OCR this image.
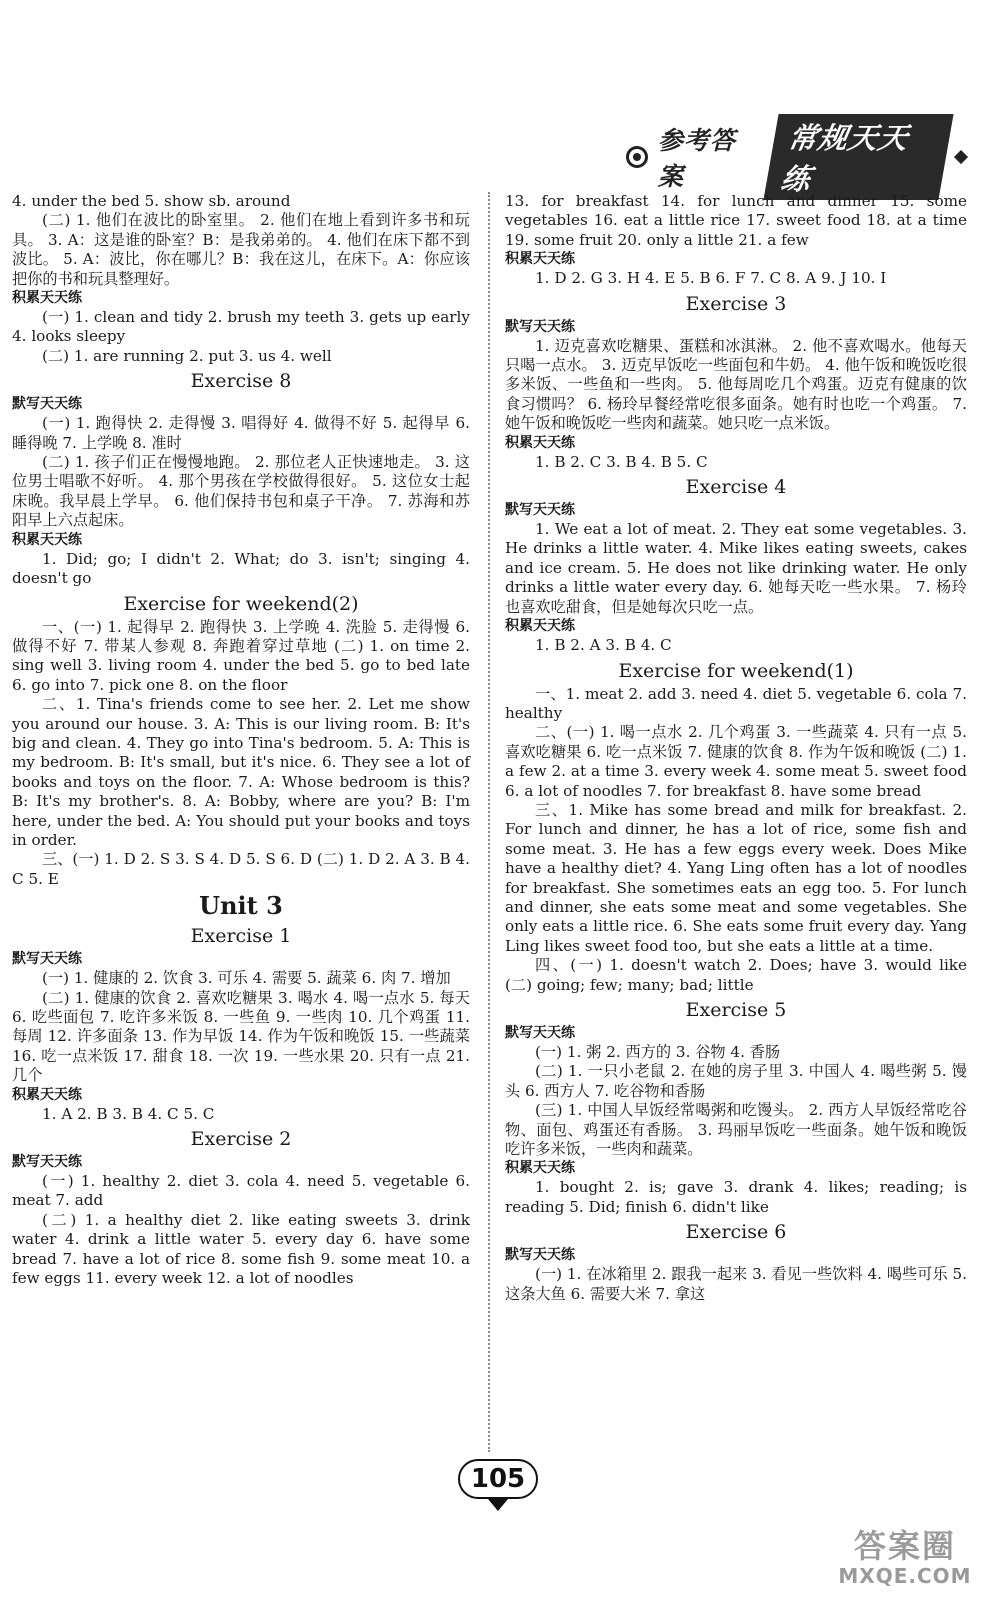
参考答案
常规天天练

4. under the bed 5. show sb. around

(二) 1. 他们在波比的卧室里。 2. 他们在地上看到许多书和玩具。 3. A：这是谁的卧室？B：是我弟弟的。 4. 他们在床下都不到波比。 5. A：波比，你在哪儿？B：我在这儿，在床下。A：你应该把你的书和玩具整理好。

积累天天练

(一) 1. clean and tidy 2. brush my teeth 3. gets up early 4. looks sleepy

(二) 1. are running 2. put 3. us 4. well

Exercise 8

默写天天练

(一) 1. 跑得快 2. 走得慢 3. 唱得好 4. 做得不好 5. 起得早 6. 睡得晚 7. 上学晚 8. 准时

(二) 1. 孩子们正在慢慢地跑。 2. 那位老人正快速地走。 3. 这位男士唱歌不好听。 4. 那个男孩在学校做得很好。 5. 这位女士起床晚。我早晨上学早。 6. 他们保持书包和桌子干净。 7. 苏海和苏阳早上六点起床。

积累天天练

1. Did; go; I didn't 2. What; do 3. isn't; singing 4. doesn't go

Exercise for weekend(2)

一、(一) 1. 起得早 2. 跑得快 3. 上学晚 4. 洗脸 5. 走得慢 6. 做得不好 7. 带某人参观 8. 奔跑着穿过草地 (二) 1. on time 2. sing well 3. living room 4. under the bed 5. go to bed late 6. go into 7. pick one 8. on the floor

二、1. Tina's friends come to see her. 2. Let me show you around our house. 3. A: This is our living room. B: It's big and clean. 4. They go into Tina's bedroom. 5. A: This is my bedroom. B: It's small, but it's nice. 6. They see a lot of books and toys on the floor. 7. A: Whose bedroom is this? B: It's my brother's. 8. A: Bobby, where are you? B: I'm here, under the bed. A: You should put your books and toys in order.

三、(一) 1. D 2. S 3. S 4. D 5. S 6. D (二) 1. D 2. A 3. B 4. C 5. E

Unit 3

Exercise 1

默写天天练

(一) 1. 健康的 2. 饮食 3. 可乐 4. 需要 5. 蔬菜 6. 肉 7. 增加

(二) 1. 健康的饮食 2. 喜欢吃糖果 3. 喝水 4. 喝一点水 5. 每天 6. 吃些面包 7. 吃许多米饭 8. 一些鱼 9. 一些肉 10. 几个鸡蛋 11. 每周 12. 许多面条 13. 作为早饭 14. 作为午饭和晚饭 15. 一些蔬菜 16. 吃一点米饭 17. 甜食 18. 一次 19. 一些水果 20. 只有一点 21. 几个

积累天天练

1. A 2. B 3. B 4. C 5. C

Exercise 2

默写天天练

(一) 1. healthy 2. diet 3. cola 4. need 5. vegetable 6. meat 7. add

(二) 1. a healthy diet 2. like eating sweets 3. drink water 4. drink a little water 5. every day 6. have some bread 7. have a lot of rice 8. some fish 9. some meat 10. a few eggs 11. every week 12. a lot of noodles

13. for breakfast 14. for lunch and dinner 15. some vegetables 16. eat a little rice 17. sweet food 18. at a time 19. some fruit 20. only a little 21. a few

积累天天练

1. D 2. G 3. H 4. E 5. B 6. F 7. C 8. A 9. J 10. I

Exercise 3

默写天天练

1. 迈克喜欢吃糖果、蛋糕和冰淇淋。 2. 他不喜欢喝水。他每天只喝一点水。 3. 迈克早饭吃一些面包和牛奶。 4. 他午饭和晚饭吃很多米饭、一些鱼和一些肉。 5. 他每周吃几个鸡蛋。迈克有健康的饮食习惯吗？ 6. 杨玲早餐经常吃很多面条。她有时也吃一个鸡蛋。 7. 她午饭和晚饭吃一些肉和蔬菜。她只吃一点米饭。

积累天天练

1. B 2. C 3. B 4. B 5. C

Exercise 4

默写天天练

1. We eat a lot of meat. 2. They eat some vegetables. 3. He drinks a little water. 4. Mike likes eating sweets, cakes and ice cream. 5. He does not like drinking water. He only drinks a little water every day. 6. 她每天吃一些水果。 7. 杨玲也喜欢吃甜食，但是她每次只吃一点。

积累天天练

1. B 2. A 3. B 4. C

Exercise for weekend(1)

一、1. meat 2. add 3. need 4. diet 5. vegetable 6. cola 7. healthy

二、(一) 1. 喝一点水 2. 几个鸡蛋 3. 一些蔬菜 4. 只有一点 5. 喜欢吃糖果 6. 吃一点米饭 7. 健康的饮食 8. 作为午饭和晚饭 (二) 1. a few 2. at a time 3. every week 4. some meat 5. sweet food 6. a lot of noodles 7. for breakfast 8. have some bread

三、1. Mike has some bread and milk for breakfast. 2. For lunch and dinner, he has a lot of rice, some fish and some meat. 3. He has a few eggs every week. Does Mike have a healthy diet? 4. Yang Ling often has a lot of noodles for breakfast. She sometimes eats an egg too. 5. For lunch and dinner, she eats some meat and some vegetables. She only eats a little rice. 6. She eats some fruit every day. Yang Ling likes sweet food too, but she eats a little at a time.

四、(一) 1. doesn't watch 2. Does; have 3. would like (二) going; few; many; bad; little

Exercise 5

默写天天练

(一) 1. 粥 2. 西方的 3. 谷物 4. 香肠

(二) 1. 一只小老鼠 2. 在她的房子里 3. 中国人 4. 喝些粥 5. 馒头 6. 西方人 7. 吃谷物和香肠

(三) 1. 中国人早饭经常喝粥和吃馒头。 2. 西方人早饭经常吃谷物、面包、鸡蛋还有香肠。 3. 玛丽早饭吃一些面条。她午饭和晚饭吃许多米饭，一些肉和蔬菜。

积累天天练

1. bought 2. is; gave 3. drank 4. likes; reading; is reading 5. Did; finish 6. didn't like

Exercise 6

默写天天练

(一) 1. 在冰箱里 2. 跟我一起来 3. 看见一些饮料 4. 喝些可乐 5. 这条大鱼 6. 需要大米 7. 拿这

105
答案圈
MXQE.COM
